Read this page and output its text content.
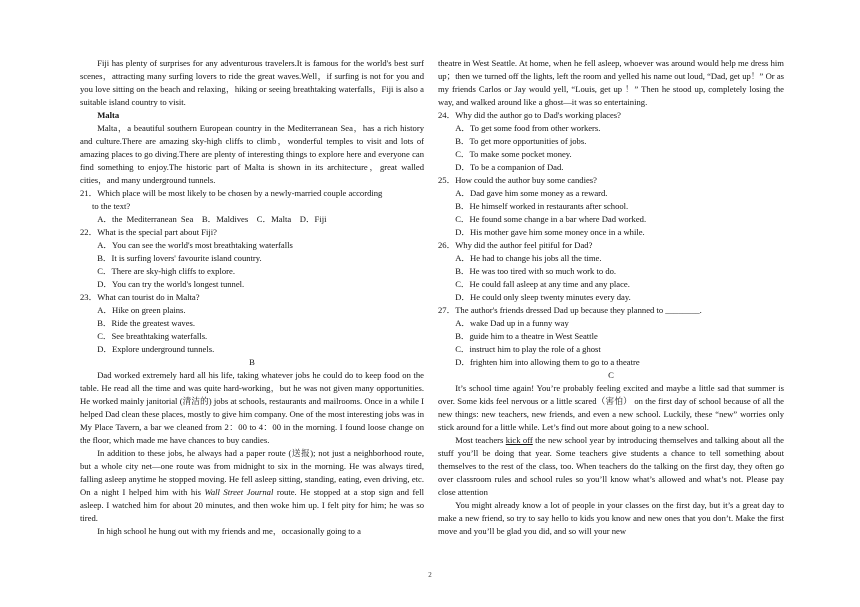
Fiji has plenty of surprises for any adventurous travelers.It is famous for the world's best surf scenes，attracting many surfing lovers to ride the great waves.Well，if surfing is not for you and you love sitting on the beach and relaxing，hiking or seeing breathtaking waterfalls，Fiji is also a suitable island country to visit.

Malta

Malta，a beautiful southern European country in the Mediterranean Sea，has a rich history and culture.There are amazing sky-high cliffs to climb，wonderful temples to visit and lots of amazing places to go diving.There are plenty of interesting things to explore here and everyone can find something to enjoy.The historic part of Malta is shown in its architecture，great walled cities，and many underground tunnels.

21．Which place will be most likely to be chosen by a newly-married couple according

to the text?

A．the Mediterranean Sea　B．Maldives　C．Malta　D．Fiji

22．What is the special part about Fiji?

A．You can see the world's most breathtaking waterfalls

B．It is surfing lovers' favourite island country.

C．There are sky-high cliffs to explore.

D．You can try the world's longest tunnel.

23．What can tourist do in Malta?

A．Hike on green plains.

B．Ride the greatest waves.

C．See breathtaking waterfalls.

D．Explore underground tunnels.

B

Dad worked extremely hard all his life, taking whatever jobs he could do to keep food on the table. He read all the time and was quite hard-working，but he was not given many opportunities. He worked mainly janitorial (清洁的) jobs at schools, restaurants and mailrooms. Once in a while I helped Dad clean these places, mostly to give him company. One of the most interesting jobs was in My Place Tavern, a bar we cleaned from 2：00 to 4：00 in the morning. I found loose change on the floor, which made me have chances to buy candies.

In addition to these jobs, he always had a paper route (送报); not just a neighborhood route, but a whole city net—one route was from midnight to six in the morning. He was always tired, falling asleep anytime he stopped moving. He fell asleep sitting, standing, eating, even driving, etc. On a night I helped him with his Wall Street Journal route. He stopped at a stop sign and fell asleep. I watched him for about 20 minutes, and then woke him up. I felt pity for him; he was so tired.

In high school he hung out with my friends and me，occasionally going to a

theatre in West Seattle. At home, when he fell asleep, whoever was around would help me dress him up；then we turned off the lights, left the room and yelled his name out loud, “Dad, get up！” Or as my friends Carlos or Jay would yell, “Louis, get up ！” Then he stood up, completely losing the way, and walked around like a ghost—it was so entertaining.

24．Why did the author go to Dad's working places?

A．To get some food from other workers.

B．To get more opportunities of jobs.

C．To make some pocket money.

D．To be a companion of Dad.

25．How could the author buy some candies?

A．Dad gave him some money as a reward.

B．He himself worked in restaurants after school.

C．He found some change in a bar where Dad worked.

D．His mother gave him some money once in a while.

26．Why did the author feel pitiful for Dad?

A．He had to change his jobs all the time.

B．He was too tired with so much work to do.

C．He could fall asleep at any time and any place.

D．He could only sleep twenty minutes every day.

27．The author's friends dressed Dad up because they planned to ________.

A．wake Dad up in a funny way

B．guide him to a theatre in West Seattle

C．instruct him to play the role of a ghost

D．frighten him into allowing them to go to a theatre

C

It’s school time again! You’re probably feeling excited and maybe a little sad that summer is over. Some kids feel nervous or a little scared（害怕） on the first day of school because of all the new things: new teachers, new friends, and even a new school. Luckily, these “new” worries only stick around for a little while. Let’s find out more about going to a new school.

Most teachers kick off the new school year by introducing themselves and talking about all the stuff you’ll be doing that year. Some teachers give students a chance to tell something about themselves to the rest of the class, too. When teachers do the talking on the first day, they often go over classroom rules and school rules so you’ll know what’s allowed and what’s not. Please pay close attention

You might already know a lot of people in your classes on the first day, but it’s a great day to make a new friend, so try to say hello to kids you know and new ones that you don’t. Make the first move and you’ll be glad you did, and so will your new

2
